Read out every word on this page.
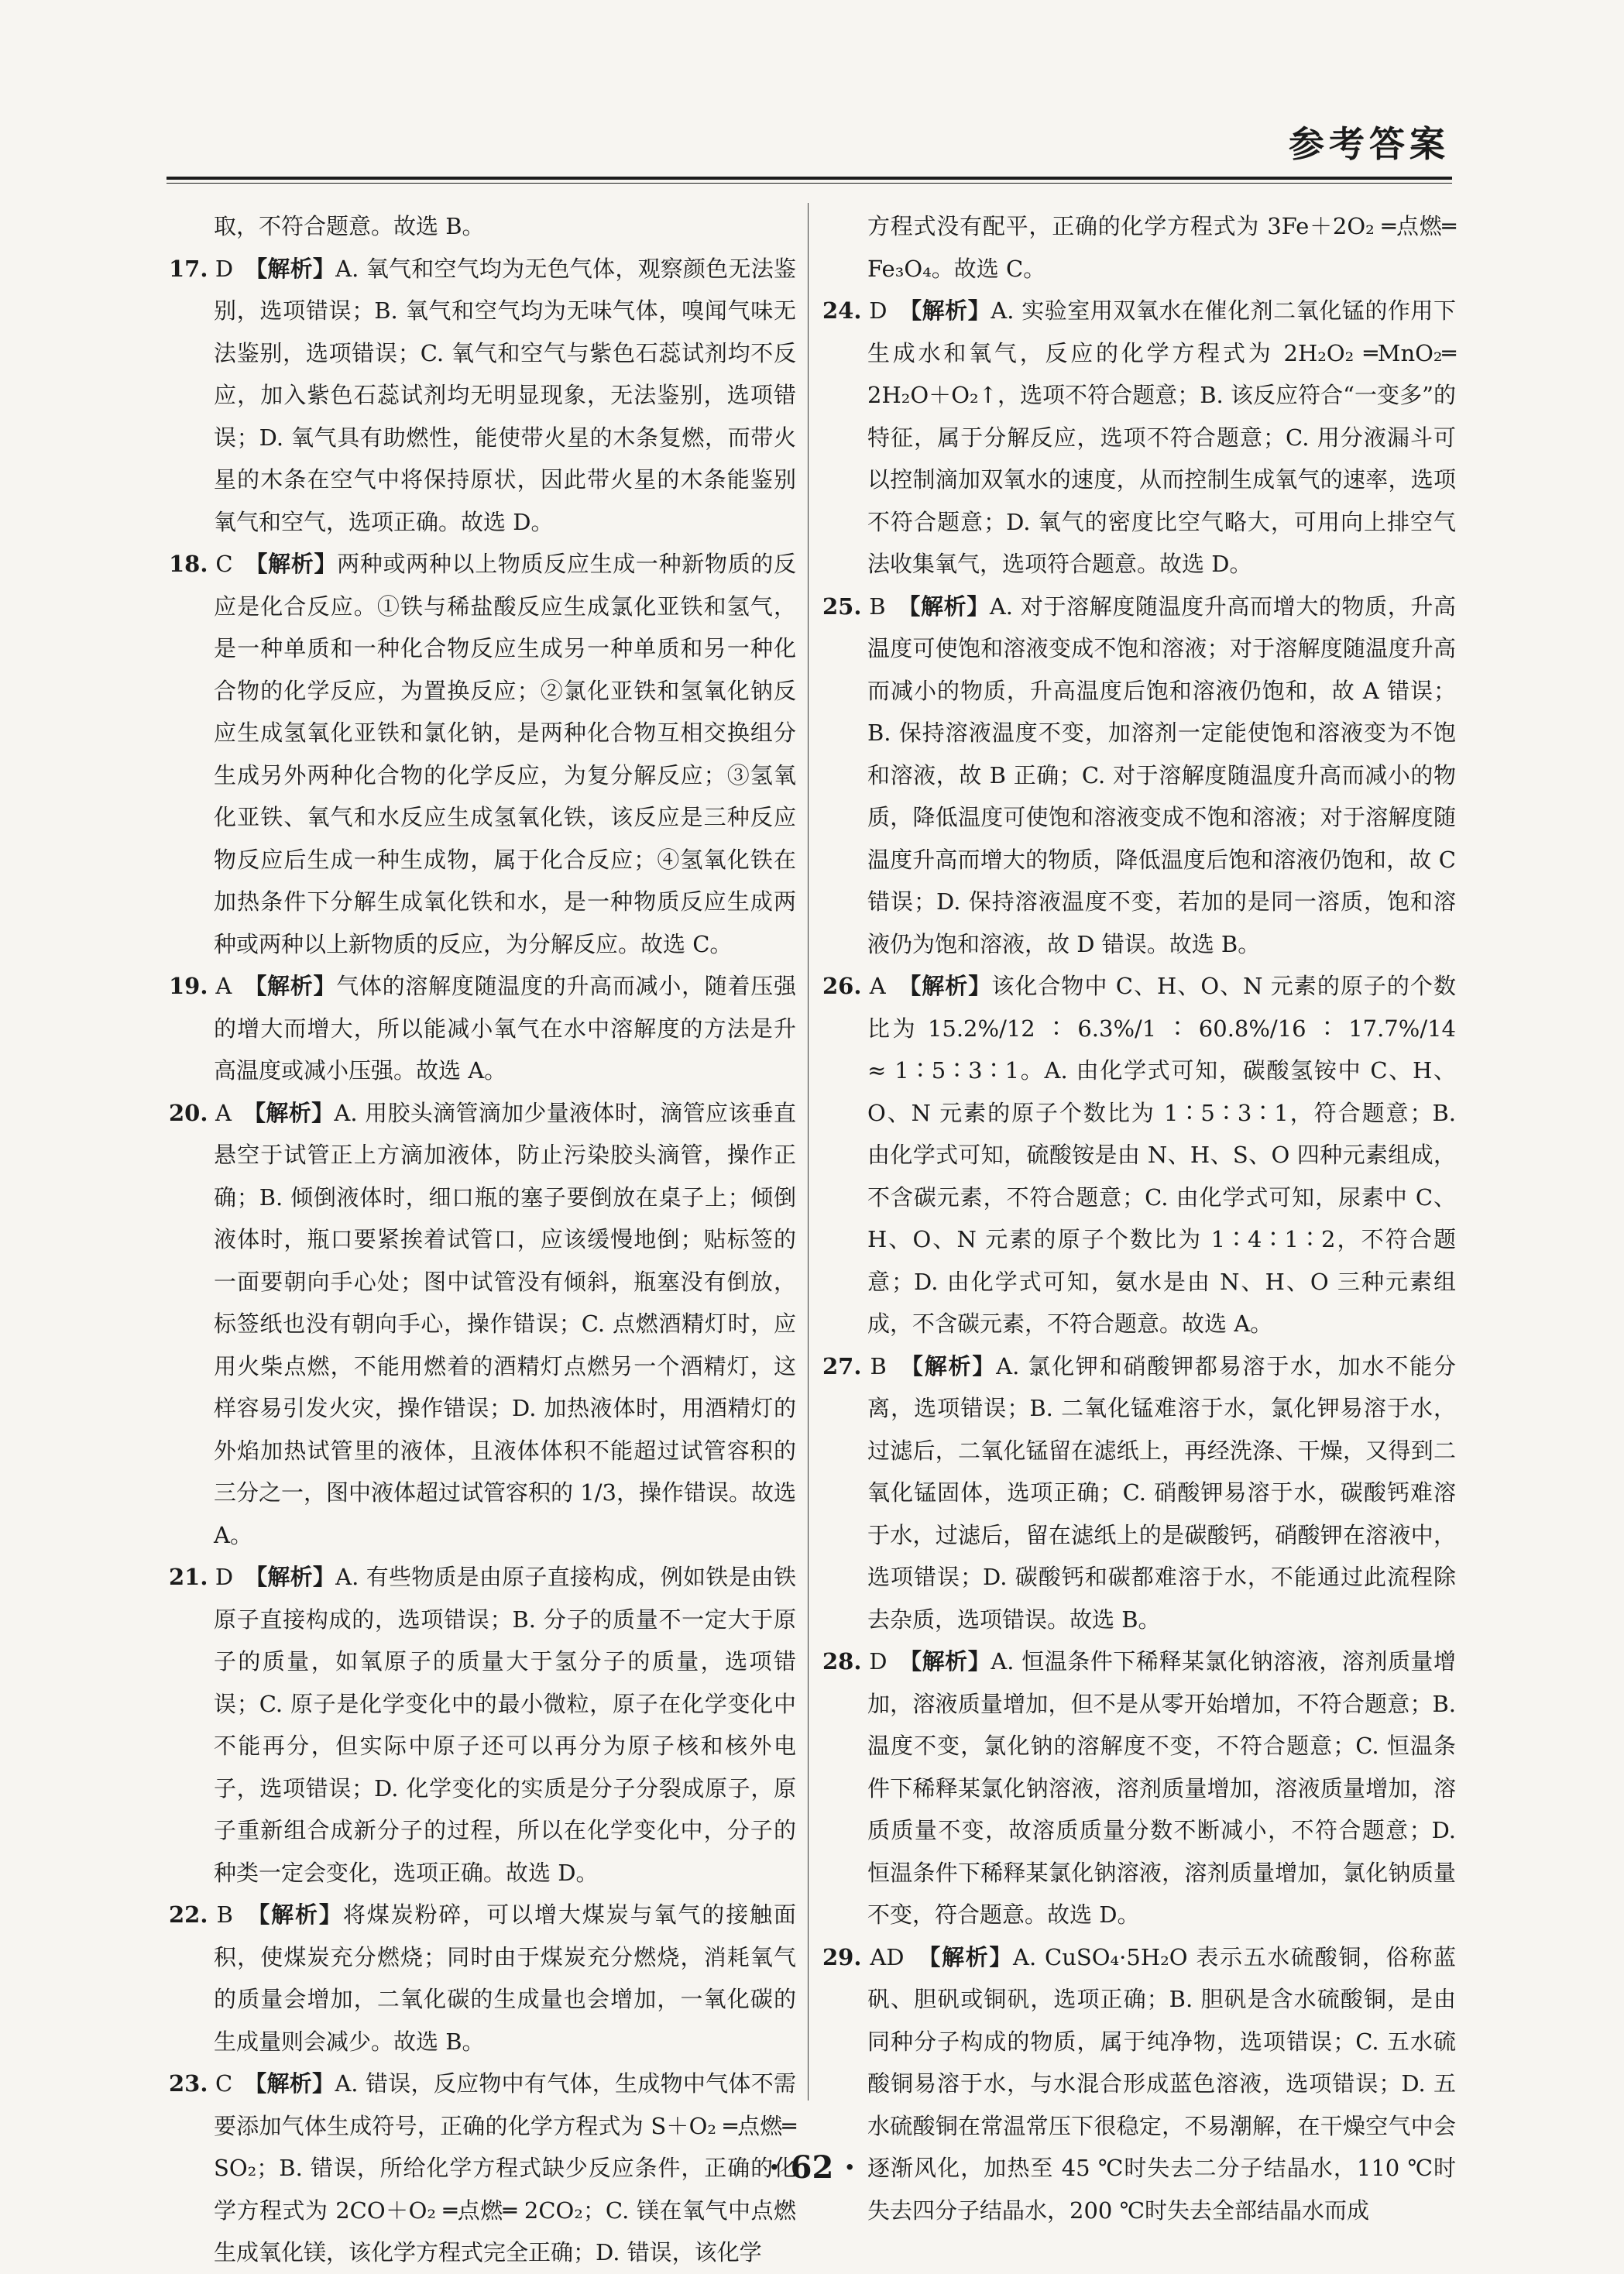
参考答案

取，不符合题意。故选 B。

17. D　 【解析】A. 氧气和空气均为无色气体，观察颜色无法鉴别，选项错误；B. 氧气和空气均为无味气体，嗅闻气味无法鉴别，选项错误；C. 氧气和空气与紫色石蕊试剂均不反应，加入紫色石蕊试剂均无明显现象，无法鉴别，选项错误；D. 氧气具有助燃性，能使带火星的木条复燃，而带火星的木条在空气中将保持原状，因此带火星的木条能鉴别氧气和空气，选项正确。故选 D。

18. C　 【解析】两种或两种以上物质反应生成一种新物质的反应是化合反应。①铁与稀盐酸反应生成氯化亚铁和氢气，是一种单质和一种化合物反应生成另一种单质和另一种化合物的化学反应，为置换反应；②氯化亚铁和氢氧化钠反应生成氢氧化亚铁和氯化钠，是两种化合物互相交换组分生成另外两种化合物的化学反应，为复分解反应；③氢氧化亚铁、氧气和水反应生成氢氧化铁，该反应是三种反应物反应后生成一种生成物，属于化合反应；④氢氧化铁在加热条件下分解生成氧化铁和水，是一种物质反应生成两种或两种以上新物质的反应，为分解反应。故选 C。

19. A　 【解析】气体的溶解度随温度的升高而减小，随着压强的增大而增大，所以能减小氧气在水中溶解度的方法是升高温度或减小压强。故选 A。

20. A　 【解析】A. 用胶头滴管滴加少量液体时，滴管应该垂直悬空于试管正上方滴加液体，防止污染胶头滴管，操作正确；B. 倾倒液体时，细口瓶的塞子要倒放在桌子上；倾倒液体时，瓶口要紧挨着试管口，应该缓慢地倒；贴标签的一面要朝向手心处；图中试管没有倾斜，瓶塞没有倒放，标签纸也没有朝向手心，操作错误；C. 点燃酒精灯时，应用火柴点燃，不能用燃着的酒精灯点燃另一个酒精灯，这样容易引发火灾，操作错误；D. 加热液体时，用酒精灯的外焰加热试管里的液体，且液体体积不能超过试管容积的三分之一，图中液体超过试管容积的 1/3，操作错误。故选 A。

21. D　 【解析】A. 有些物质是由原子直接构成，例如铁是由铁原子直接构成的，选项错误；B. 分子的质量不一定大于原子的质量，如氧原子的质量大于氢分子的质量，选项错误；C. 原子是化学变化中的最小微粒，原子在化学变化中不能再分，但实际中原子还可以再分为原子核和核外电子，选项错误；D. 化学变化的实质是分子分裂成原子，原子重新组合成新分子的过程，所以在化学变化中，分子的种类一定会变化，选项正确。故选 D。

22. B　 【解析】将煤炭粉碎，可以增大煤炭与氧气的接触面积，使煤炭充分燃烧；同时由于煤炭充分燃烧，消耗氧气的质量会增加，二氧化碳的生成量也会增加，一氧化碳的生成量则会减少。故选 B。

23. C　 【解析】A. 错误，反应物中有气体，生成物中气体不需要添加气体生成符号，正确的化学方程式为 S＋O₂ ═点燃═ SO₂；B. 错误，所给化学方程式缺少反应条件，正确的化学方程式为 2CO＋O₂ ═点燃═ 2CO₂；C. 镁在氧气中点燃生成氧化镁，该化学方程式完全正确；D. 错误，该化学

方程式没有配平，正确的化学方程式为 3Fe＋2O₂ ═点燃═ Fe₃O₄。故选 C。

24. D　 【解析】A. 实验室用双氧水在催化剂二氧化锰的作用下生成水和氧气，反应的化学方程式为 2H₂O₂ ═MnO₂═ 2H₂O＋O₂↑，选项不符合题意；B. 该反应符合“一变多”的特征，属于分解反应，选项不符合题意；C. 用分液漏斗可以控制滴加双氧水的速度，从而控制生成氧气的速率，选项不符合题意；D. 氧气的密度比空气略大，可用向上排空气法收集氧气，选项符合题意。故选 D。

25. B　 【解析】A. 对于溶解度随温度升高而增大的物质，升高温度可使饱和溶液变成不饱和溶液；对于溶解度随温度升高而减小的物质，升高温度后饱和溶液仍饱和，故 A 错误；B. 保持溶液温度不变，加溶剂一定能使饱和溶液变为不饱和溶液，故 B 正确；C. 对于溶解度随温度升高而减小的物质，降低温度可使饱和溶液变成不饱和溶液；对于溶解度随温度升高而增大的物质，降低温度后饱和溶液仍饱和，故 C 错误；D. 保持溶液温度不变，若加的是同一溶质，饱和溶液仍为饱和溶液，故 D 错误。故选 B。

26. A　 【解析】该化合物中 C、H、O、N 元素的原子的个数比为 15.2%/12 ∶ 6.3%/1 ∶ 60.8%/16 ∶ 17.7%/14 ≈ 1∶5∶3∶1。A. 由化学式可知，碳酸氢铵中 C、H、O、N 元素的原子个数比为 1∶5∶3∶1，符合题意；B. 由化学式可知，硫酸铵是由 N、H、S、O 四种元素组成，不含碳元素，不符合题意；C. 由化学式可知，尿素中 C、H、O、N 元素的原子个数比为 1∶4∶1∶2，不符合题意；D. 由化学式可知，氨水是由 N、H、O 三种元素组成，不含碳元素，不符合题意。故选 A。

27. B　 【解析】A. 氯化钾和硝酸钾都易溶于水，加水不能分离，选项错误；B. 二氧化锰难溶于水，氯化钾易溶于水，过滤后，二氧化锰留在滤纸上，再经洗涤、干燥，又得到二氧化锰固体，选项正确；C. 硝酸钾易溶于水，碳酸钙难溶于水，过滤后，留在滤纸上的是碳酸钙，硝酸钾在溶液中，选项错误；D. 碳酸钙和碳都难溶于水，不能通过此流程除去杂质，选项错误。故选 B。

28. D　 【解析】A. 恒温条件下稀释某氯化钠溶液，溶剂质量增加，溶液质量增加，但不是从零开始增加，不符合题意；B. 温度不变，氯化钠的溶解度不变，不符合题意；C. 恒温条件下稀释某氯化钠溶液，溶剂质量增加，溶液质量增加，溶质质量不变，故溶质质量分数不断减小，不符合题意；D. 恒温条件下稀释某氯化钠溶液，溶剂质量增加，氯化钠质量不变，符合题意。故选 D。

29. AD　 【解析】A. CuSO₄·5H₂O 表示五水硫酸铜，俗称蓝矾、胆矾或铜矾，选项正确；B. 胆矾是含水硫酸铜，是由同种分子构成的物质，属于纯净物，选项错误；C. 五水硫酸铜易溶于水，与水混合形成蓝色溶液，选项错误；D. 五水硫酸铜在常温常压下很稳定，不易潮解，在干燥空气中会逐渐风化，加热至 45 ℃时失去二分子结晶水，110 ℃时失去四分子结晶水，200 ℃时失去全部结晶水而成

· 62 ·
